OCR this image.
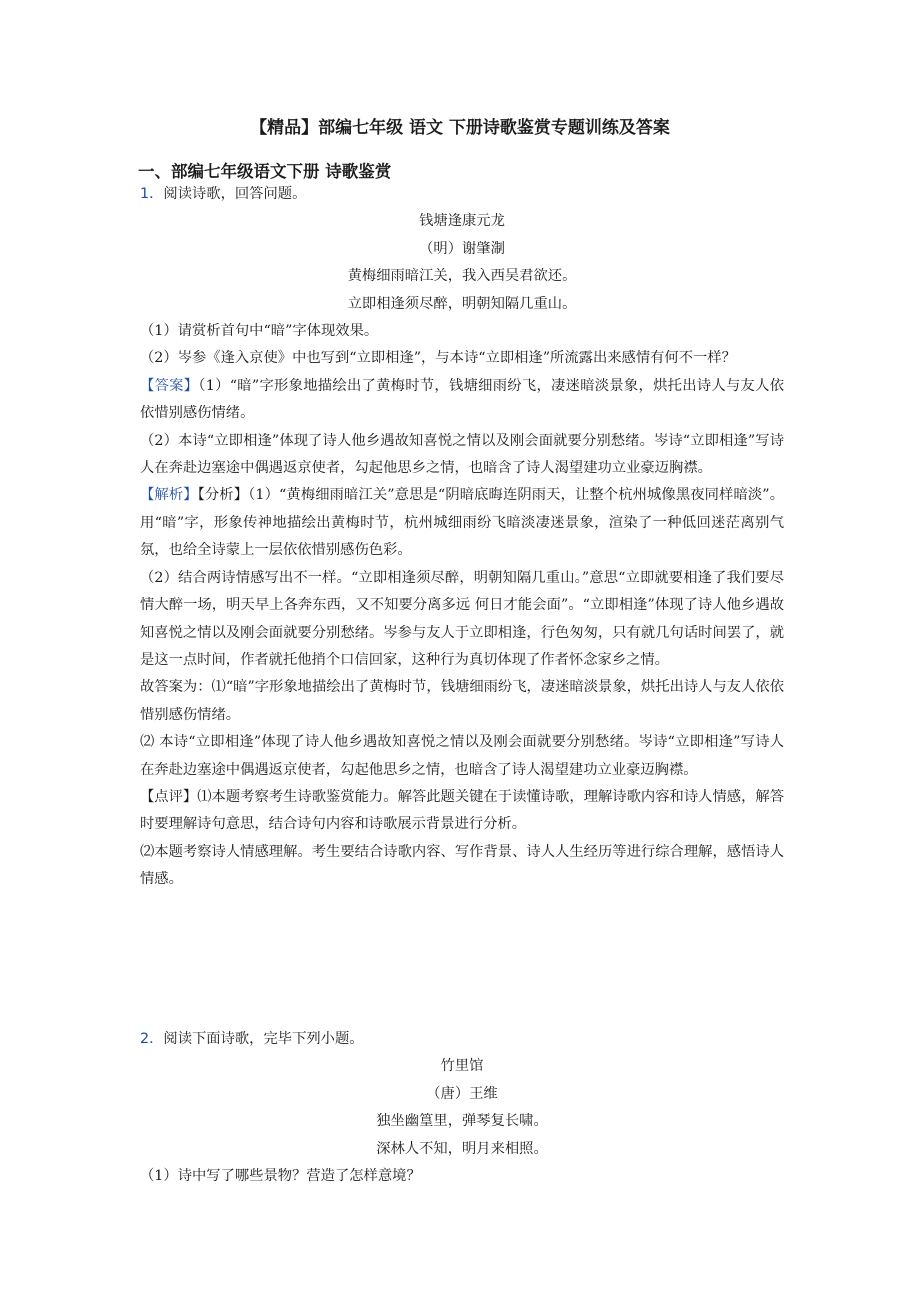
【精品】部编七年级 语文 下册诗歌鉴赏专题训练及答案
一、部编七年级语文下册 诗歌鉴赏

1．阅读诗歌，回答问题。

钱塘逢康元龙

（明）谢肇淛

黄梅细雨暗江关，我入西吴君欲还。

立即相逢须尽醉，明朝知隔几重山。

（1）请赏析首句中“暗”字体现效果。

（2）岑参《逢入京使》中也写到“立即相逢”，与本诗“立即相逢”所流露出来感情有何不一样？

【答案】（1）“暗”字形象地描绘出了黄梅时节，钱塘细雨纷飞，凄迷暗淡景象，烘托出诗人与友人依依惜别感伤情绪。

（2）本诗“立即相逢”体现了诗人他乡遇故知喜悦之情以及刚会面就要分别愁绪。岑诗“立即相逢”写诗人在奔赴边塞途中偶遇返京使者，勾起他思乡之情，也暗含了诗人渴望建功立业豪迈胸襟。

【解析】【分析】（1）“黄梅细雨暗江关”意思是“阴暗底晦连阴雨天，让整个杭州城像黑夜同样暗淡”。 用“暗”字，形象传神地描绘出黄梅时节，杭州城细雨纷飞暗淡凄迷景象，渲染了一种低回迷茫离别气氛，也给全诗蒙上一层依依惜别感伤色彩。

（2）结合两诗情感写出不一样。“立即相逢须尽醉，明朝知隔几重山。”意思“立即就要相逢了我们要尽情大醉一场，明天早上各奔东西，又不知要分离多远 何日才能会面”。“立即相逢”体现了诗人他乡遇故知喜悦之情以及刚会面就要分别愁绪。岑参与友人于立即相逢，行色匆匆，只有就几句话时间罢了，就是这一点时间，作者就托他捎个口信回家，这种行为真切体现了作者怀念家乡之情。

故答案为：⑴“暗”字形象地描绘出了黄梅时节，钱塘细雨纷飞，凄迷暗淡景象，烘托出诗人与友人依依惜别感伤情绪。

⑵ 本诗“立即相逢”体现了诗人他乡遇故知喜悦之情以及刚会面就要分别愁绪。岑诗“立即相逢”写诗人在奔赴边塞途中偶遇返京使者，勾起他思乡之情，也暗含了诗人渴望建功立业豪迈胸襟。

【点评】⑴本题考察考生诗歌鉴赏能力。解答此题关键在于读懂诗歌，理解诗歌内容和诗人情感，解答时要理解诗句意思，结合诗句内容和诗歌展示背景进行分析。

⑵本题考察诗人情感理解。考生要结合诗歌内容、写作背景、诗人人生经历等进行综合理解，感悟诗人情感。

2．阅读下面诗歌，完毕下列小题。

竹里馆

（唐）王维

独坐幽篁里，弹琴复长啸。

深林人不知，明月来相照。

（1）诗中写了哪些景物？营造了怎样意境？
